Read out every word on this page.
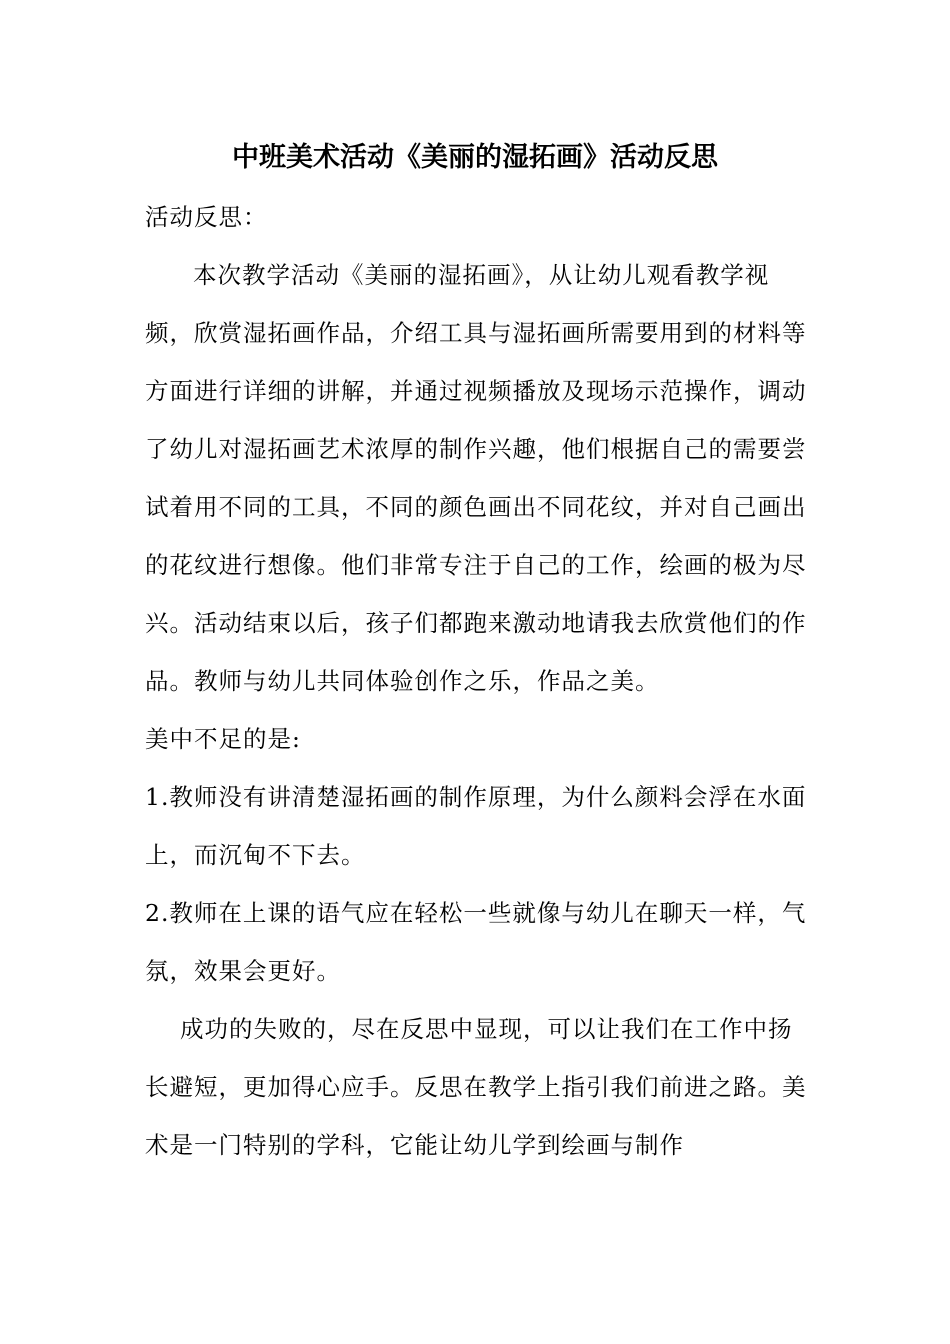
中班美术活动《美丽的湿拓画》活动反思

活动反思：

本次教学活动《美丽的湿拓画》，从让幼儿观看教学视频，欣赏湿拓画作品，介绍工具与湿拓画所需要用到的材料等方面进行详细的讲解，并通过视频播放及现场示范操作，调动了幼儿对湿拓画艺术浓厚的制作兴趣，他们根据自己的需要尝试着用不同的工具，不同的颜色画出不同花纹，并对自己画出的花纹进行想像。他们非常专注于自己的工作，绘画的极为尽兴。活动结束以后，孩子们都跑来激动地请我去欣赏他们的作品。教师与幼儿共同体验创作之乐，作品之美。

美中不足的是:

1.教师没有讲清楚湿拓画的制作原理，为什么颜料会浮在水面上，而沉甸不下去。

2.教师在上课的语气应在轻松一些就像与幼儿在聊天一样，气氛，效果会更好。

成功的失败的，尽在反思中显现，可以让我们在工作中扬长避短，更加得心应手。反思在教学上指引我们前进之路。美术是一门特别的学科，它能让幼儿学到绘画与制作
